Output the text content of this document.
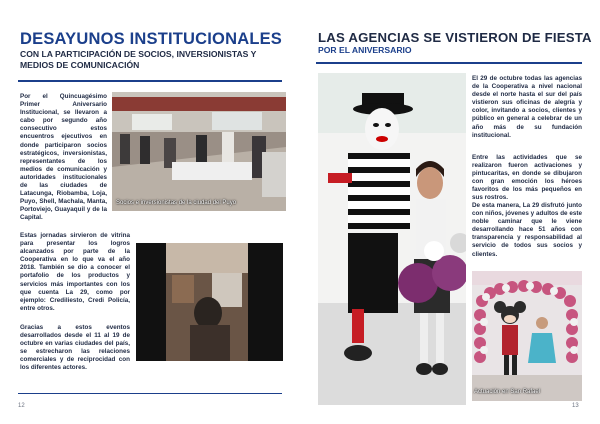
DESAYUNOS INSTITUCIONALES
CON LA PARTICIPACIÓN DE SOCIOS, INVERSIONISTAS Y
MEDIOS DE COMUNICACIÓN
Por el Quincuagésimo Primer Aniversario Institucional, se llevaron a cabo por segundo año consecutivo estos encuentros ejecutivos en donde participaron socios estratégicos, inversionistas, representantes de los medios de comunicación y autoridades institucionales de las ciudades de Latacunga, Riobamba, Loja, Puyo, Shell, Machala, Manta, Portoviejo, Guayaquil y de la Capital.
Socios e inversionistas de la ciudad del Puyo
Estas jornadas sirvieron de vitrina para presentar los logros alcanzados por parte de la Cooperativa en lo que va el año 2018. También se dio a conocer el portafolio de los productos y servicios más importantes con los que cuenta La 29, como por ejemplo: Crediliesto, Credi Policía, entre otros.
Gracias a estos eventos desarrollados desde el 11 al 19 de octubre en varias ciudades del país, se estrecharon las relaciones comerciales y de reciprocidad con los diferentes actores.
12
LAS AGENCIAS SE VISTIERON DE FIESTA
POR EL ANIVERSARIO
El 29 de octubre todas las agencias de la Cooperativa a nivel nacional desde el norte hasta el sur del país vistieron sus oficinas de alegría y color, invitando a socios, clientes y público en general a celebrar de un año más de su fundación institucional.
Entre las actividades que se realizaron fueron activaciones y pintucaritas, en donde se dibujaron con gran emoción los héroes favoritos de los más pequeños en sus rostros.
De esta manera, La 29 disfrutó junto con niños, jóvenes y adultos de este noble caminar que le viene desarrollando hace 51 años con transparencia y responsabilidad al servicio de todos sus socios y clientes.
Actuación en San Rafael
13
